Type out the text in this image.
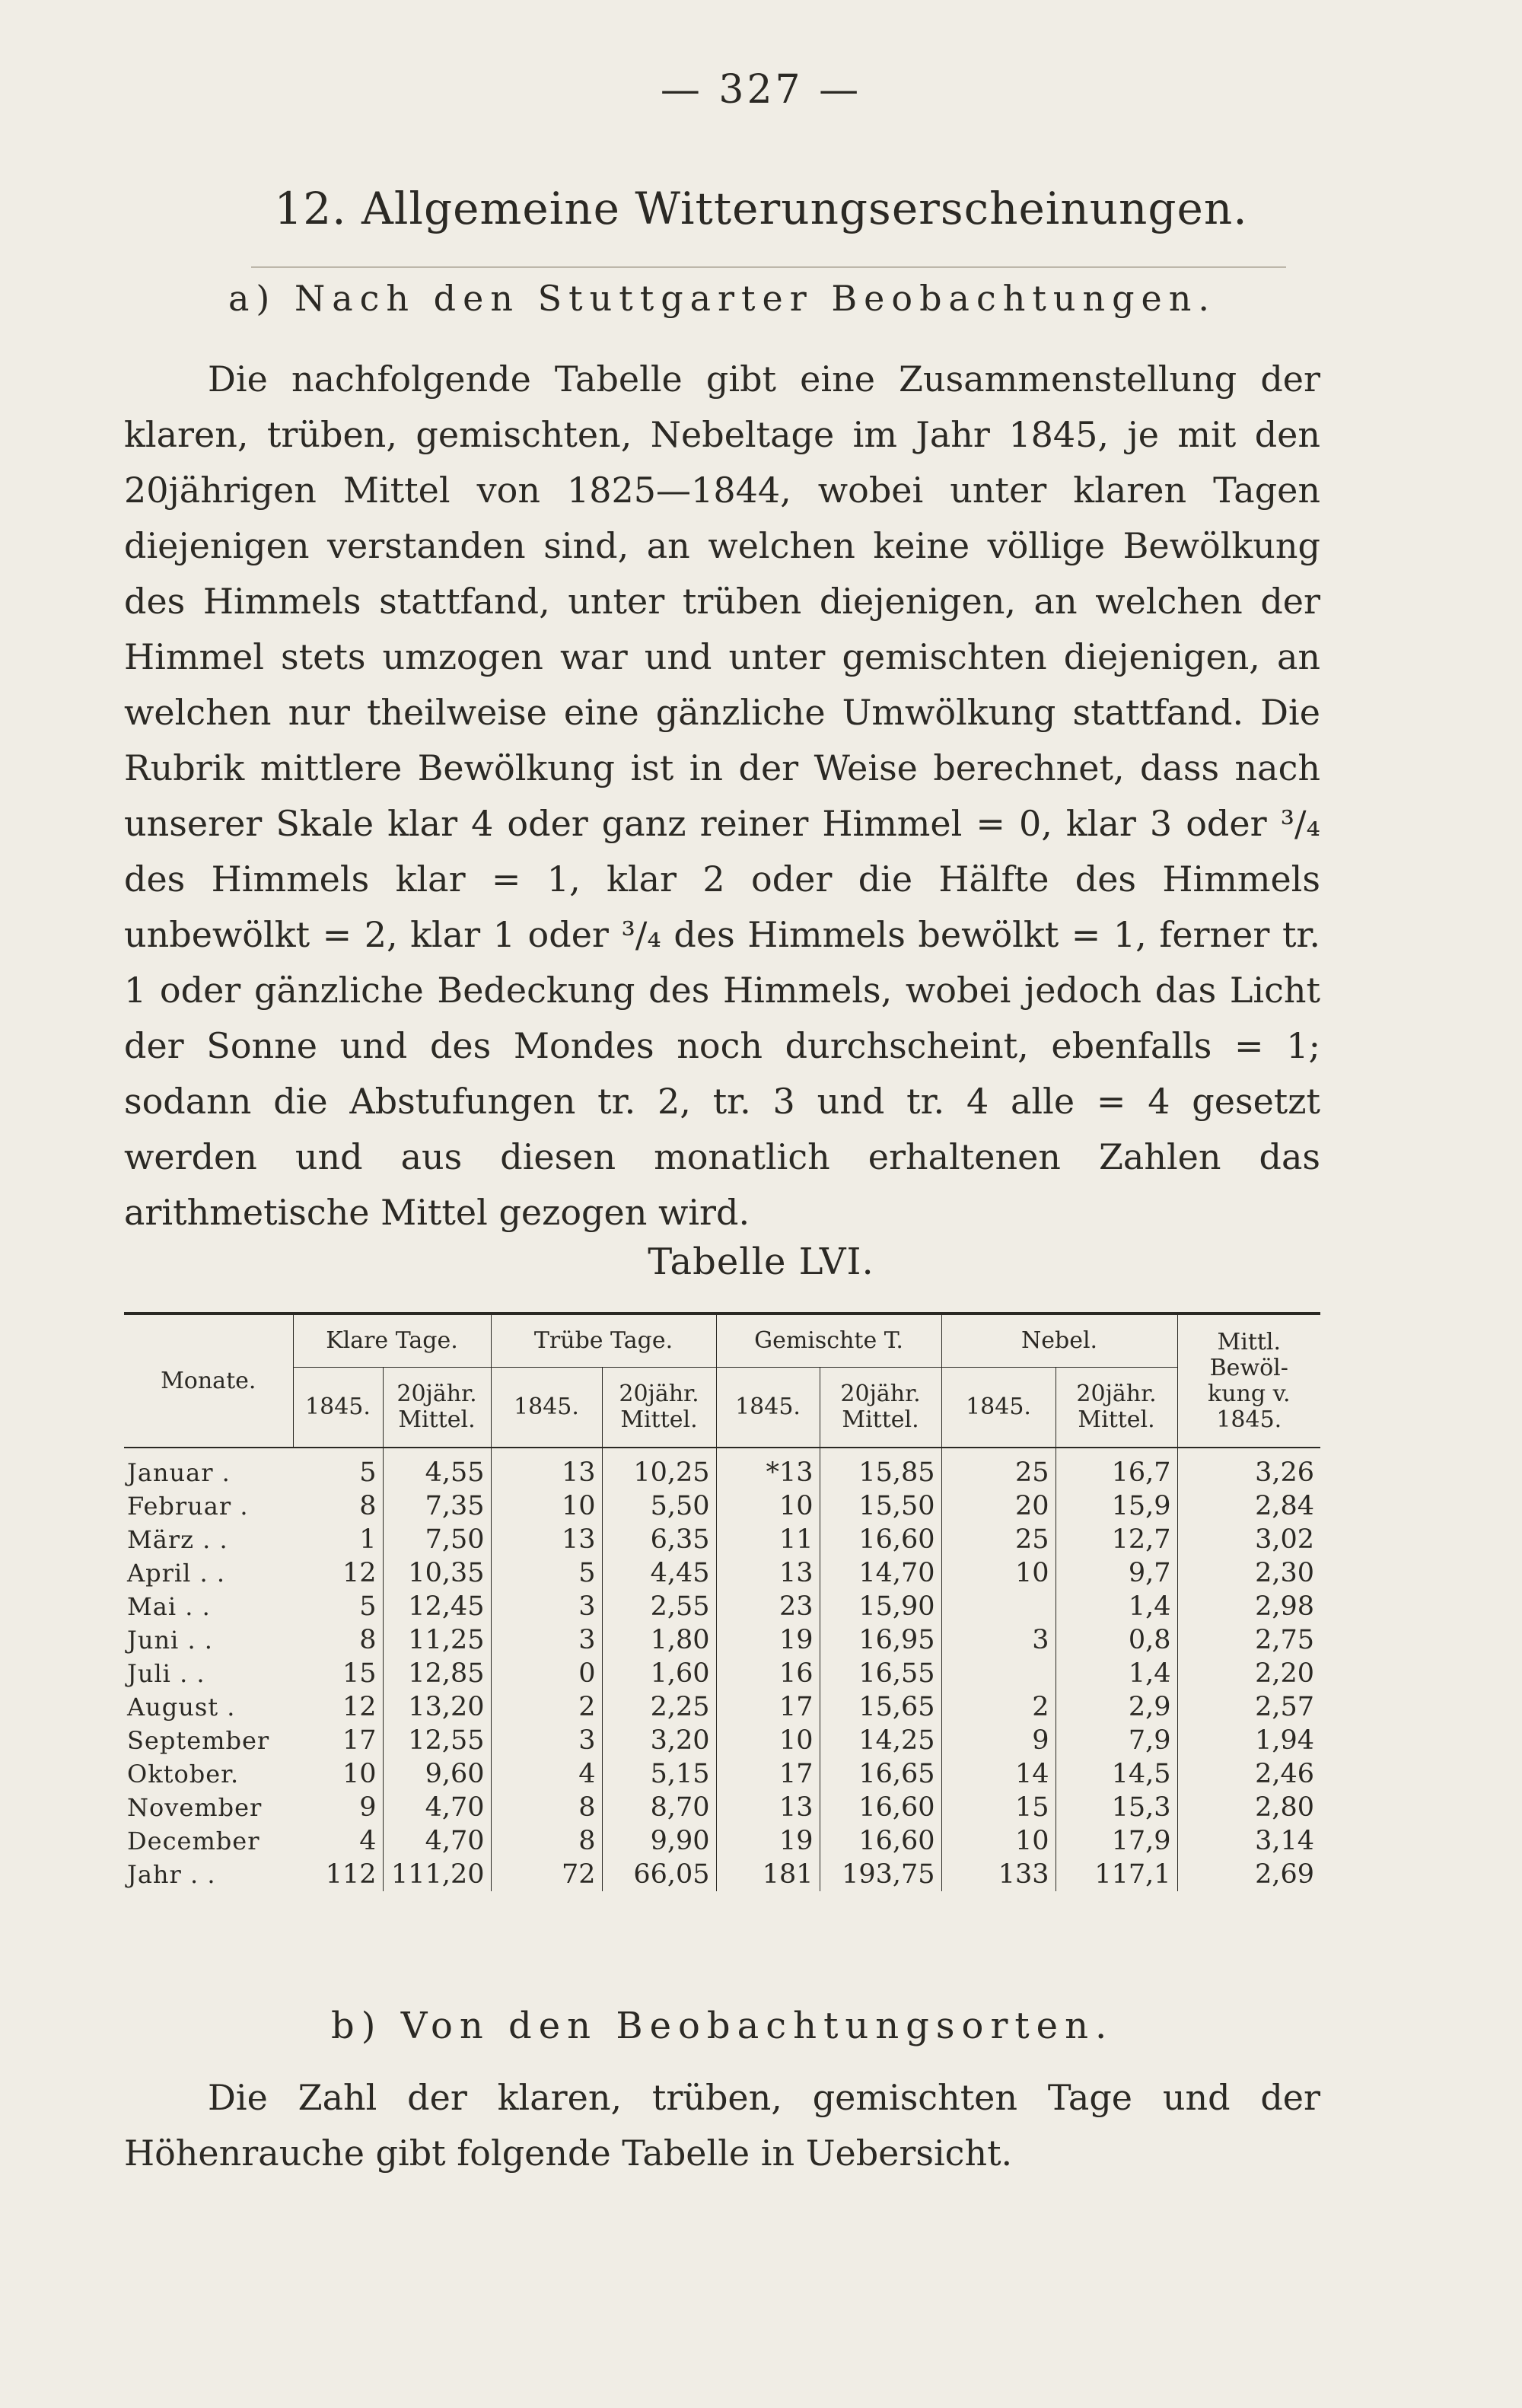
— 327 —
12. Allgemeine Witterungserscheinungen.
a) Nach den Stuttgarter Beobachtungen.

Die nachfolgende Tabelle gibt eine Zusammenstellung der klaren, trüben, gemischten, Nebeltage im Jahr 1845, je mit den 20jährigen Mittel von 1825—1844, wobei unter klaren Tagen diejenigen verstanden sind, an welchen keine völlige Bewölkung des Himmels stattfand, unter trüben diejenigen, an welchen der Himmel stets umzogen war und unter gemischten diejenigen, an welchen nur theilweise eine gänzliche Umwölkung stattfand. Die Rubrik mittlere Bewölkung ist in der Weise berechnet, dass nach unserer Skale klar 4 oder ganz reiner Himmel = 0, klar 3 oder ³/₄ des Himmels klar = 1, klar 2 oder die Hälfte des Himmels unbewölkt = 2, klar 1 oder ³/₄ des Himmels bewölkt = 1, ferner tr. 1 oder gänzliche Bedeckung des Himmels, wobei jedoch das Licht der Sonne und des Mondes noch durchscheint, ebenfalls = 1; sodann die Abstufungen tr. 2, tr. 3 und tr. 4 alle = 4 gesetzt werden und aus diesen monatlich erhaltenen Zahlen das arithmetische Mittel gezogen wird.

Tabelle LVI.
Monate.	Klare Tage.		Trübe Tage.		Gemischte T.		Nebel.		Mittl. Bewöl- kung v. 1845.
	1845.	20jähr. Mittel.	1845.	20jähr. Mittel.	1845.	20jähr. Mittel.	1845.	20jähr. Mittel.	
Januar .	5	4,55	13	10,25	*13	15,85	25	16,7	3,26
Februar .	8	7,35	10	5,50	10	15,50	20	15,9	2,84
März . .	1	7,50	13	6,35	11	16,60	25	12,7	3,02
April . .	12	10,35	5	4,45	13	14,70	10	9,7	2,30
Mai . .	5	12,45	3	2,55	23	15,90		1,4	2,98
Juni . .	8	11,25	3	1,80	19	16,95	3	0,8	2,75
Juli . .	15	12,85	0	1,60	16	16,55		1,4	2,20
August .	12	13,20	2	2,25	17	15,65	2	2,9	2,57
September	17	12,55	3	3,20	10	14,25	9	7,9	1,94
Oktober.	10	9,60	4	5,15	17	16,65	14	14,5	2,46
November	9	4,70	8	8,70	13	16,60	15	15,3	2,80
December	4	4,70	8	9,90	19	16,60	10	17,9	3,14
Jahr . .	112	111,20	72	66,05	181	193,75	133	117,1	2,69
b) Von den Beobachtungsorten.

Die Zahl der klaren, trüben, gemischten Tage und der Höhenrauche gibt folgende Tabelle in Uebersicht.
